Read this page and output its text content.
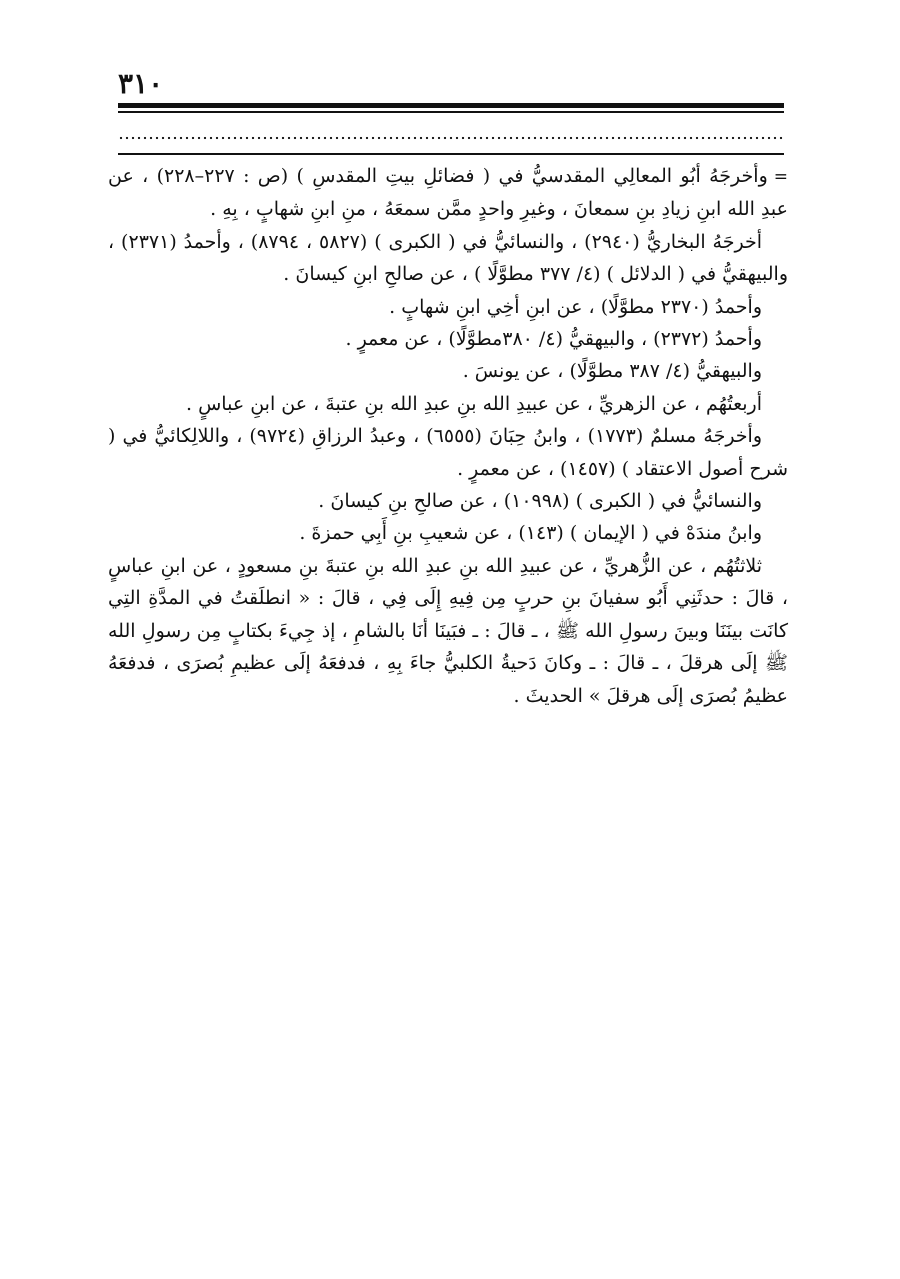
٣١٠

=وأخرجَهُ أبُو المعالِي المقدسيُّ في ( فضائلِ بيتِ المقدسِ ) (ص : ٢٢٧–٢٢٨) ، عن عبدِ الله ابنِ زيادِ بنِ سمعانَ ، وغيرِ واحدٍ ممَّن سمعَهُ ، منِ ابنِ شهابٍ ، بِهِ .

أخرجَهُ البخاريُّ (٢٩٤٠) ، والنسائيُّ في ( الكبرى ) (٥٨٢٧ ، ٨٧٩٤) ، وأحمدُ (٢٣٧١) ، والبيهقيُّ في ( الدلائل ) (٤/ ٣٧٧ مطوَّلًا ) ، عن صالحِ ابنِ كيسانَ .

وأحمدُ (٢٣٧٠ مطوَّلًا) ، عن ابنِ أخِي ابنِ شهابٍ .

وأحمدُ (٢٣٧٢) ، والبيهقيُّ (٤/ ٣٨٠مطوَّلًا) ، عن معمرٍ .

والبيهقيُّ (٤/ ٣٨٧ مطوَّلًا) ، عن يونسَ .

أربعتُهُم ، عن الزهريِّ ، عن عبيدِ الله بنِ عبدِ الله بنِ عتبةَ ، عن ابنِ عباسٍ .

وأخرجَهُ مسلمٌ (١٧٧٣) ، وابنُ حِبَانَ (٦٥٥٥) ، وعبدُ الرزاقِ (٩٧٢٤) ، واللالِكائيُّ في ( شرح أصول الاعتقاد ) (١٤٥٧) ، عن معمرٍ .

والنسائيُّ في ( الكبرى ) (١٠٩٩٨) ، عن صالحِ بنِ كيسانَ .

وابنُ مندَهْ في ( الإيمان ) (١٤٣) ، عن شعيبِ بنِ أَبِي حمزةَ .

ثلاثتُهُم ، عن الزُّهريِّ ، عن عبيدِ الله بنِ عبدِ الله بنِ عتبةَ بنِ مسعودٍ ، عن ابنِ عباسٍ ، قالَ : حدثَنِي أَبُو سفيانَ بنِ حربٍ مِن فِيهِ إِلَى فِي ، قالَ : « انطلَقتُ في المدَّةِ التِي كانَت بينَنَا وبينَ رسولِ الله ﷺ ، ـ قالَ : ـ فبَينَا أنَا بالشامِ ، إذ جِيءَ بكتابٍ مِن رسولِ الله ﷺ إلَى هرقلَ ، ـ قالَ : ـ وكانَ دَحيةُ الكلبيُّ جاءَ بِهِ ، فدفعَهُ إلَى عظيمِ بُصرَى ، فدفعَهُ عظيمُ بُصرَى إلَى هرقلَ » الحديثَ .
